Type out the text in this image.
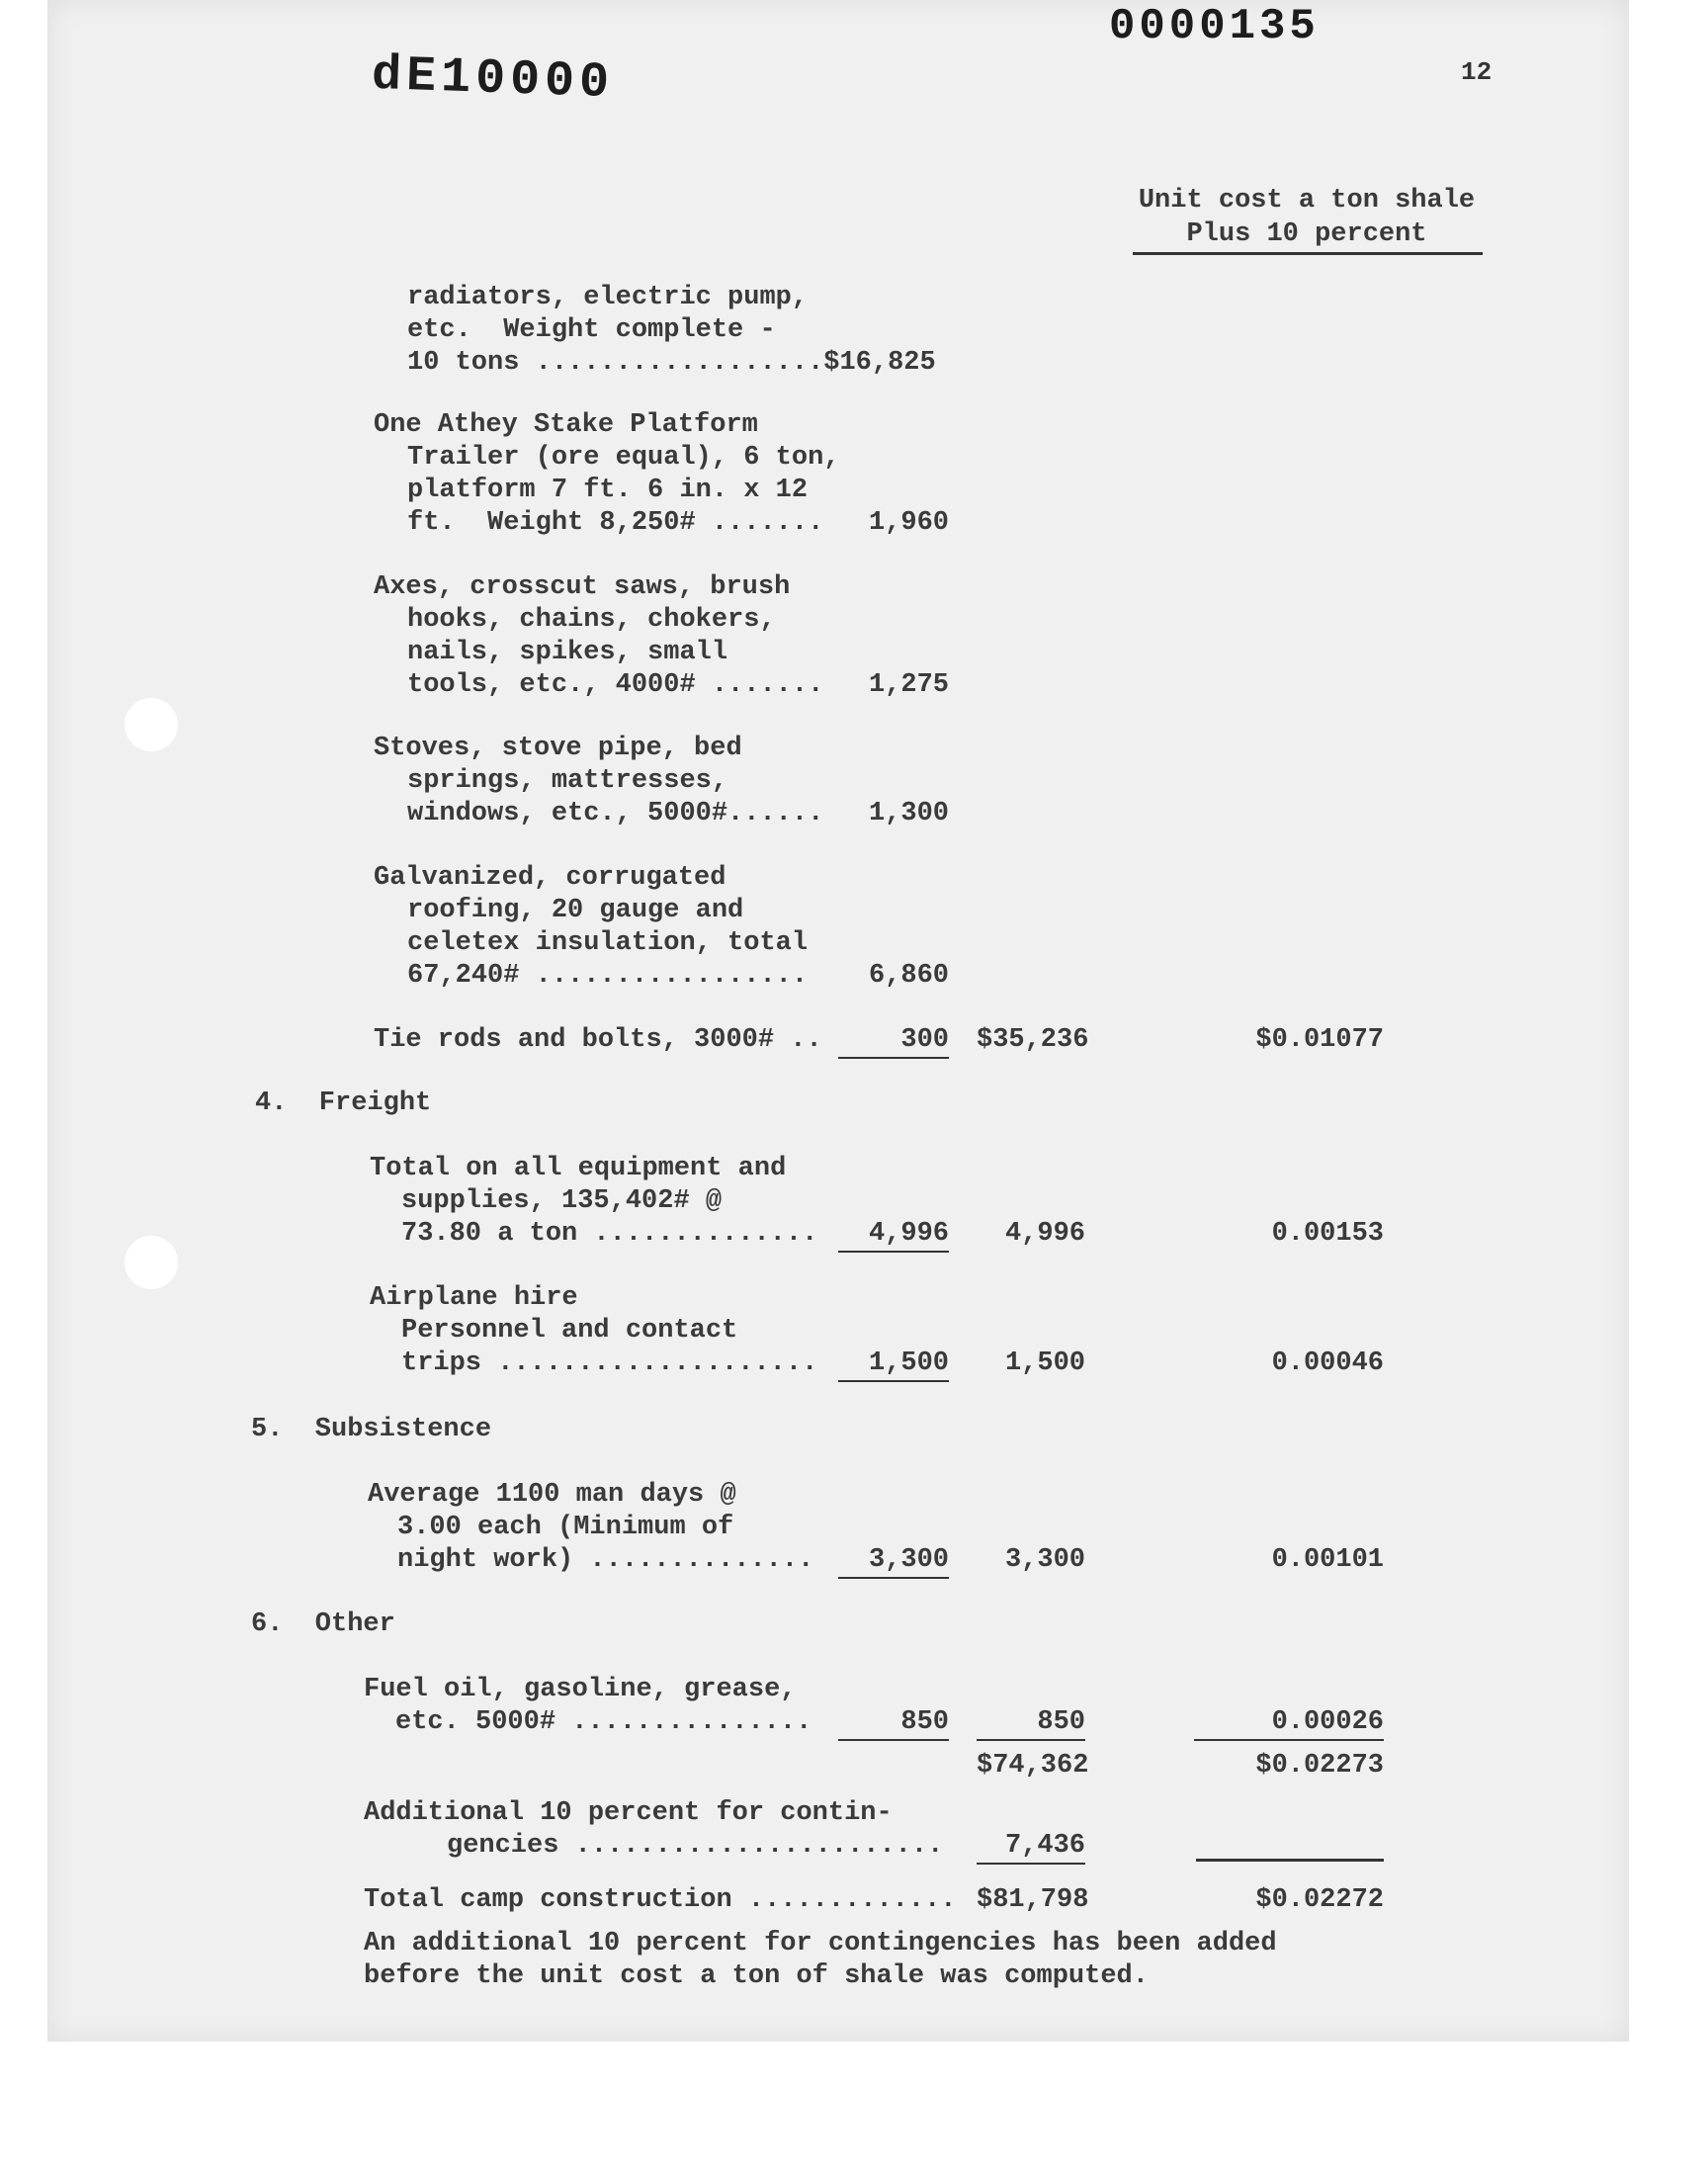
0000135
dE10000	12
Unit cost a ton shale
Plus 10 percent
radiators, electric pump,
etc.  Weight complete -
10 tons ..................$16,825
One Athey Stake Platform
Trailer (ore equal), 6 ton,
platform 7 ft. 6 in. x 12
ft.  Weight 8,250# .......	1,960
Axes, crosscut saws, brush
hooks, chains, chokers,
nails, spikes, small
tools, etc., 4000# .......	1,275
Stoves, stove pipe, bed
springs, mattresses,
windows, etc., 5000#......	1,300
Galvanized, corrugated
roofing, 20 gauge and
celetex insulation, total
67,240# .................	6,860
Tie rods and bolts, 3000# ..	300 $35,236	$0.01077
4.  Freight
Total on all equipment and
supplies, 135,402# @
73.80 a ton ..............	4,996	4,996	0.00153
Airplane hire
Personnel and contact
trips ....................	1,500	1,500	0.00046
5.  Subsistence
Average 1100 man days @
3.00 each (Minimum of
night work) ..............	3,300	3,300	0.00101
6.  Other
Fuel oil, gasoline, grease,
etc. 5000# ...............	850	850	0.00026
$74,362	$0.02273
Additional 10 percent for contin-
gencies .......................	7,436
Total camp construction ............. $81,798	$0.02272
An additional 10 percent for contingencies has been added
before the unit cost a ton of shale was computed.
